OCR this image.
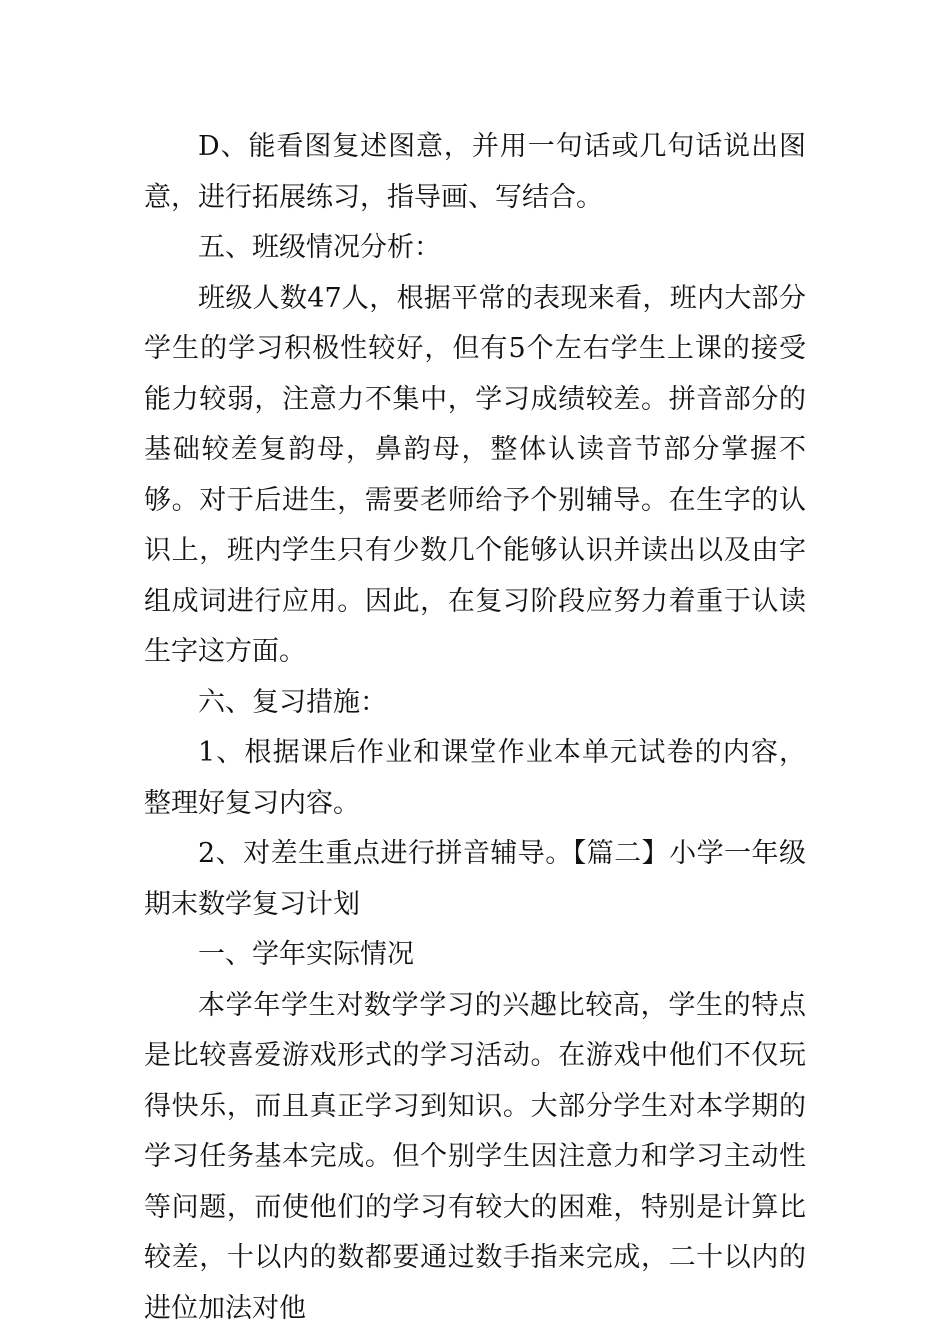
D、能看图复述图意，并用一句话或几句话说出图意，进行拓展练习，指导画、写结合。

五、班级情况分析：

班级人数47人，根据平常的表现来看，班内大部分学生的学习积极性较好，但有5个左右学生上课的接受能力较弱，注意力不集中，学习成绩较差。拼音部分的基础较差复韵母，鼻韵母，整体认读音节部分掌握不够。对于后进生，需要老师给予个别辅导。在生字的认识上，班内学生只有少数几个能够认识并读出以及由字组成词进行应用。因此，在复习阶段应努力着重于认读生字这方面。

六、复习措施：

1、根据课后作业和课堂作业本单元试卷的内容，整理好复习内容。

2、对差生重点进行拼音辅导。【篇二】小学一年级期末数学复习计划

一、学年实际情况

本学年学生对数学学习的兴趣比较高，学生的特点是比较喜爱游戏形式的学习活动。在游戏中他们不仅玩得快乐，而且真正学习到知识。大部分学生对本学期的学习任务基本完成。但个别学生因注意力和学习主动性等问题，而使他们的学习有较大的困难，特别是计算比较差，十以内的数都要通过数手指来完成，二十以内的进位加法对他
